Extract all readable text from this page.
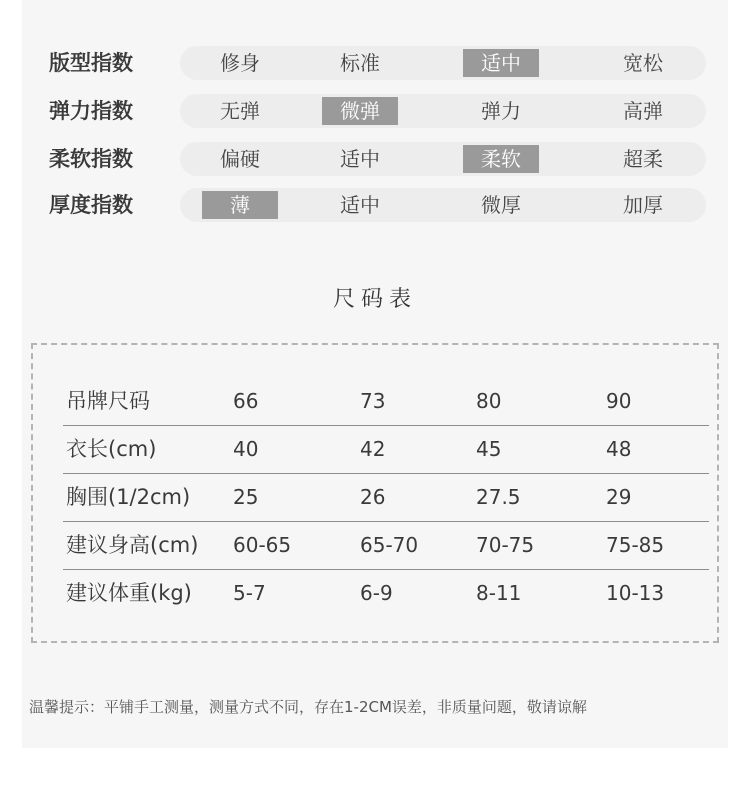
版型指数	修身	标准	适中	宽松
弹力指数	无弹	微弹	弹力	高弹
柔软指数	偏硬	适中	柔软	超柔
厚度指数	薄	适中	微厚	加厚
尺码表
吊牌尺码	66	73	80	90
衣长(cm)	40	42	45	48
胸围(1/2cm) 25	26	27.5	29
建议身高(cm) 60-65	65-70	70-75	75-85
建议体重(kg) 5-7	6-9	8-11	10-13
温馨提示：平铺手工测量，测量方式不同，存在1-2CM误差，非质量问题，敬请谅解
